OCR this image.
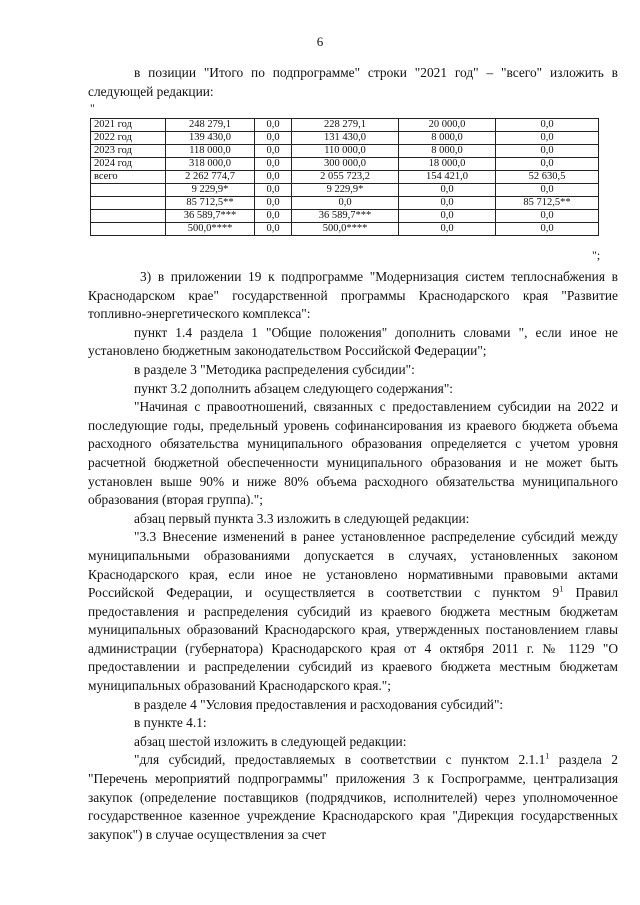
6

в позиции "Итого по подпрограмме" строки "2021 год" – "всего" изложить в следующей редакции:

"
2021 год	248 279,1	0,0	228 279,1	20 000,0	0,0
2022 год	139 430,0	0,0	131 430,0	8 000,0	0,0
2023 год	118 000,0	0,0	110 000,0	8 000,0	0,0
2024 год	318 000,0	0,0	300 000,0	18 000,0	0,0
всего	2 262 774,7	0,0	2 055 723,2	154 421,0	52 630,5
	9 229,9*	0,0	9 229,9*	0,0	0,0
	85 712,5**	0,0	0,0	0,0	85 712,5**
	36 589,7***	0,0	36 589,7***	0,0	0,0
	500,0****	0,0	500,0****	0,0	0,0
";

3) в приложении 19 к подпрограмме "Модернизация систем теплоснабжения в Краснодарском крае" государственной программы Краснодарского края "Развитие топливно-энергетического комплекса":

пункт 1.4 раздела 1 "Общие положения" дополнить словами ", если иное не установлено бюджетным законодательством Российской Федерации";

в разделе 3 "Методика распределения субсидии":

пункт 3.2 дополнить абзацем следующего содержания":

"Начиная с правоотношений, связанных с предоставлением субсидии на 2022 и последующие годы, предельный уровень софинансирования из краевого бюджета объема расходного обязательства муниципального образования определяется с учетом уровня расчетной бюджетной обеспеченности муниципального образования и не может быть установлен выше 90% и ниже 80% объема расходного обязательства муниципального образования (вторая группа).";

абзац первый пункта 3.3 изложить в следующей редакции:

"3.3 Внесение изменений в ранее установленное распределение субсидий между муниципальными образованиями допускается в случаях, установленных законом Краснодарского края, если иное не установлено нормативными правовыми актами Российской Федерации, и осуществляется в соответствии с пунктом $9^1$ Правил предоставления и распределения субсидий из краевого бюджета местным бюджетам муниципальных образований Краснодарского края, утвержденных постановлением главы администрации (губернатора) Краснодарского края от 4 октября 2011 г. № 1129 "О предоставлении и распределении субсидий из краевого бюджета местным бюджетам муниципальных образований Краснодарского края.";

в разделе 4 "Условия предоставления и расходования субсидий":

в пункте 4.1:

абзац шестой изложить в следующей редакции:

"для субсидий, предоставляемых в соответствии с пунктом 2.1.1$^1$ раздела 2 "Перечень мероприятий подпрограммы" приложения 3 к Госпрограмме, централизация закупок (определение поставщиков (подрядчиков, исполнителей) через уполномоченное государственное казенное учреждение Краснодарского края "Дирекция государственных закупок") в случае осуществления за счет
